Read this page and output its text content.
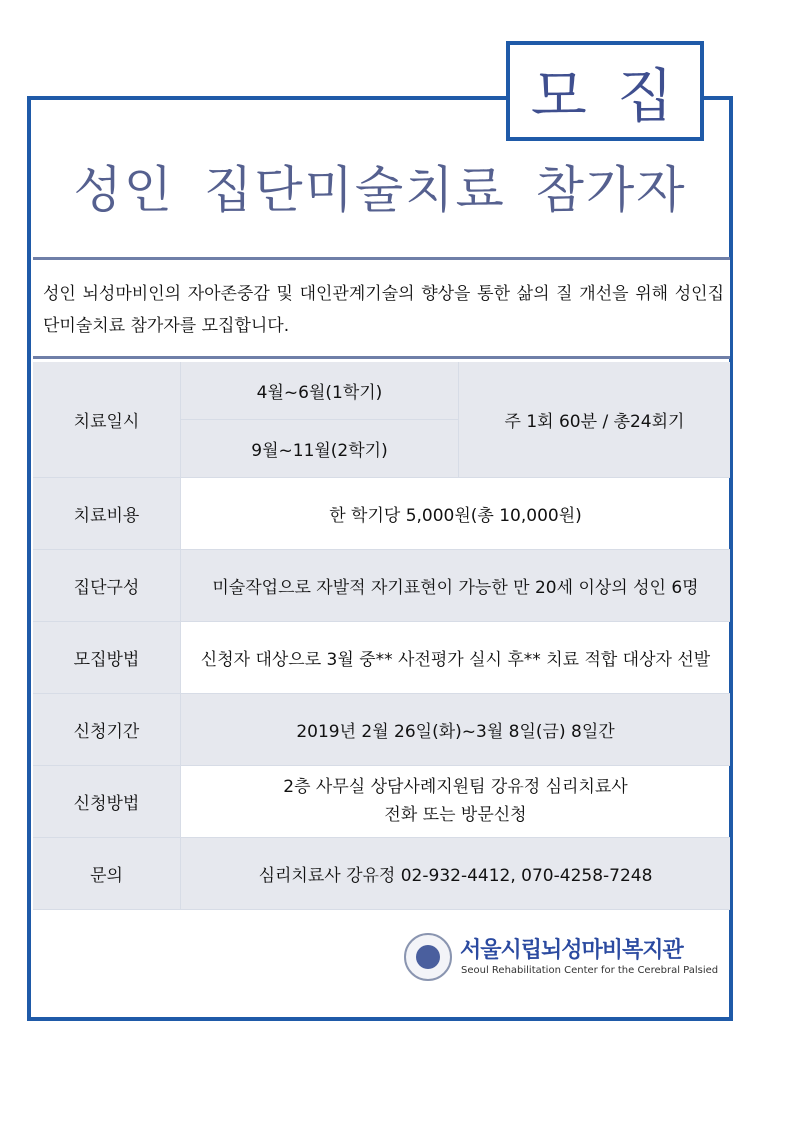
모 집
성인 집단미술치료 참가자
성인 뇌성마비인의 자아존중감 및 대인관계기술의 향상을 통한 삶의 질 개선을 위해 성인집단미술치료 참가자를 모집합니다.
치료일시	4월~6월(1학기)	주 1회 60분 / 총24회기
	9월~11월(2학기)	
치료비용	한 학기당 5,000원(총 10,000원)	
집단구성	미술작업으로 자발적 자기표현이 가능한 만 20세 이상의 성인 6명	
모집방법	신청자 대상으로 3월 중** 사전평가 실시 후** 치료 적합 대상자 선발	
신청기간	2019년 2월 26일(화)~3월 8일(금) 8일간	
신청방법	2층 사무실 상담사례지원팀 강유정 심리치료사
전화 또는 방문신청	

문의	심리치료사 강유정 02-932-4412, 070-4258-7248	
서울시립뇌성마비복지관
Seoul Rehabilitation Center for the Cerebral Palsied
